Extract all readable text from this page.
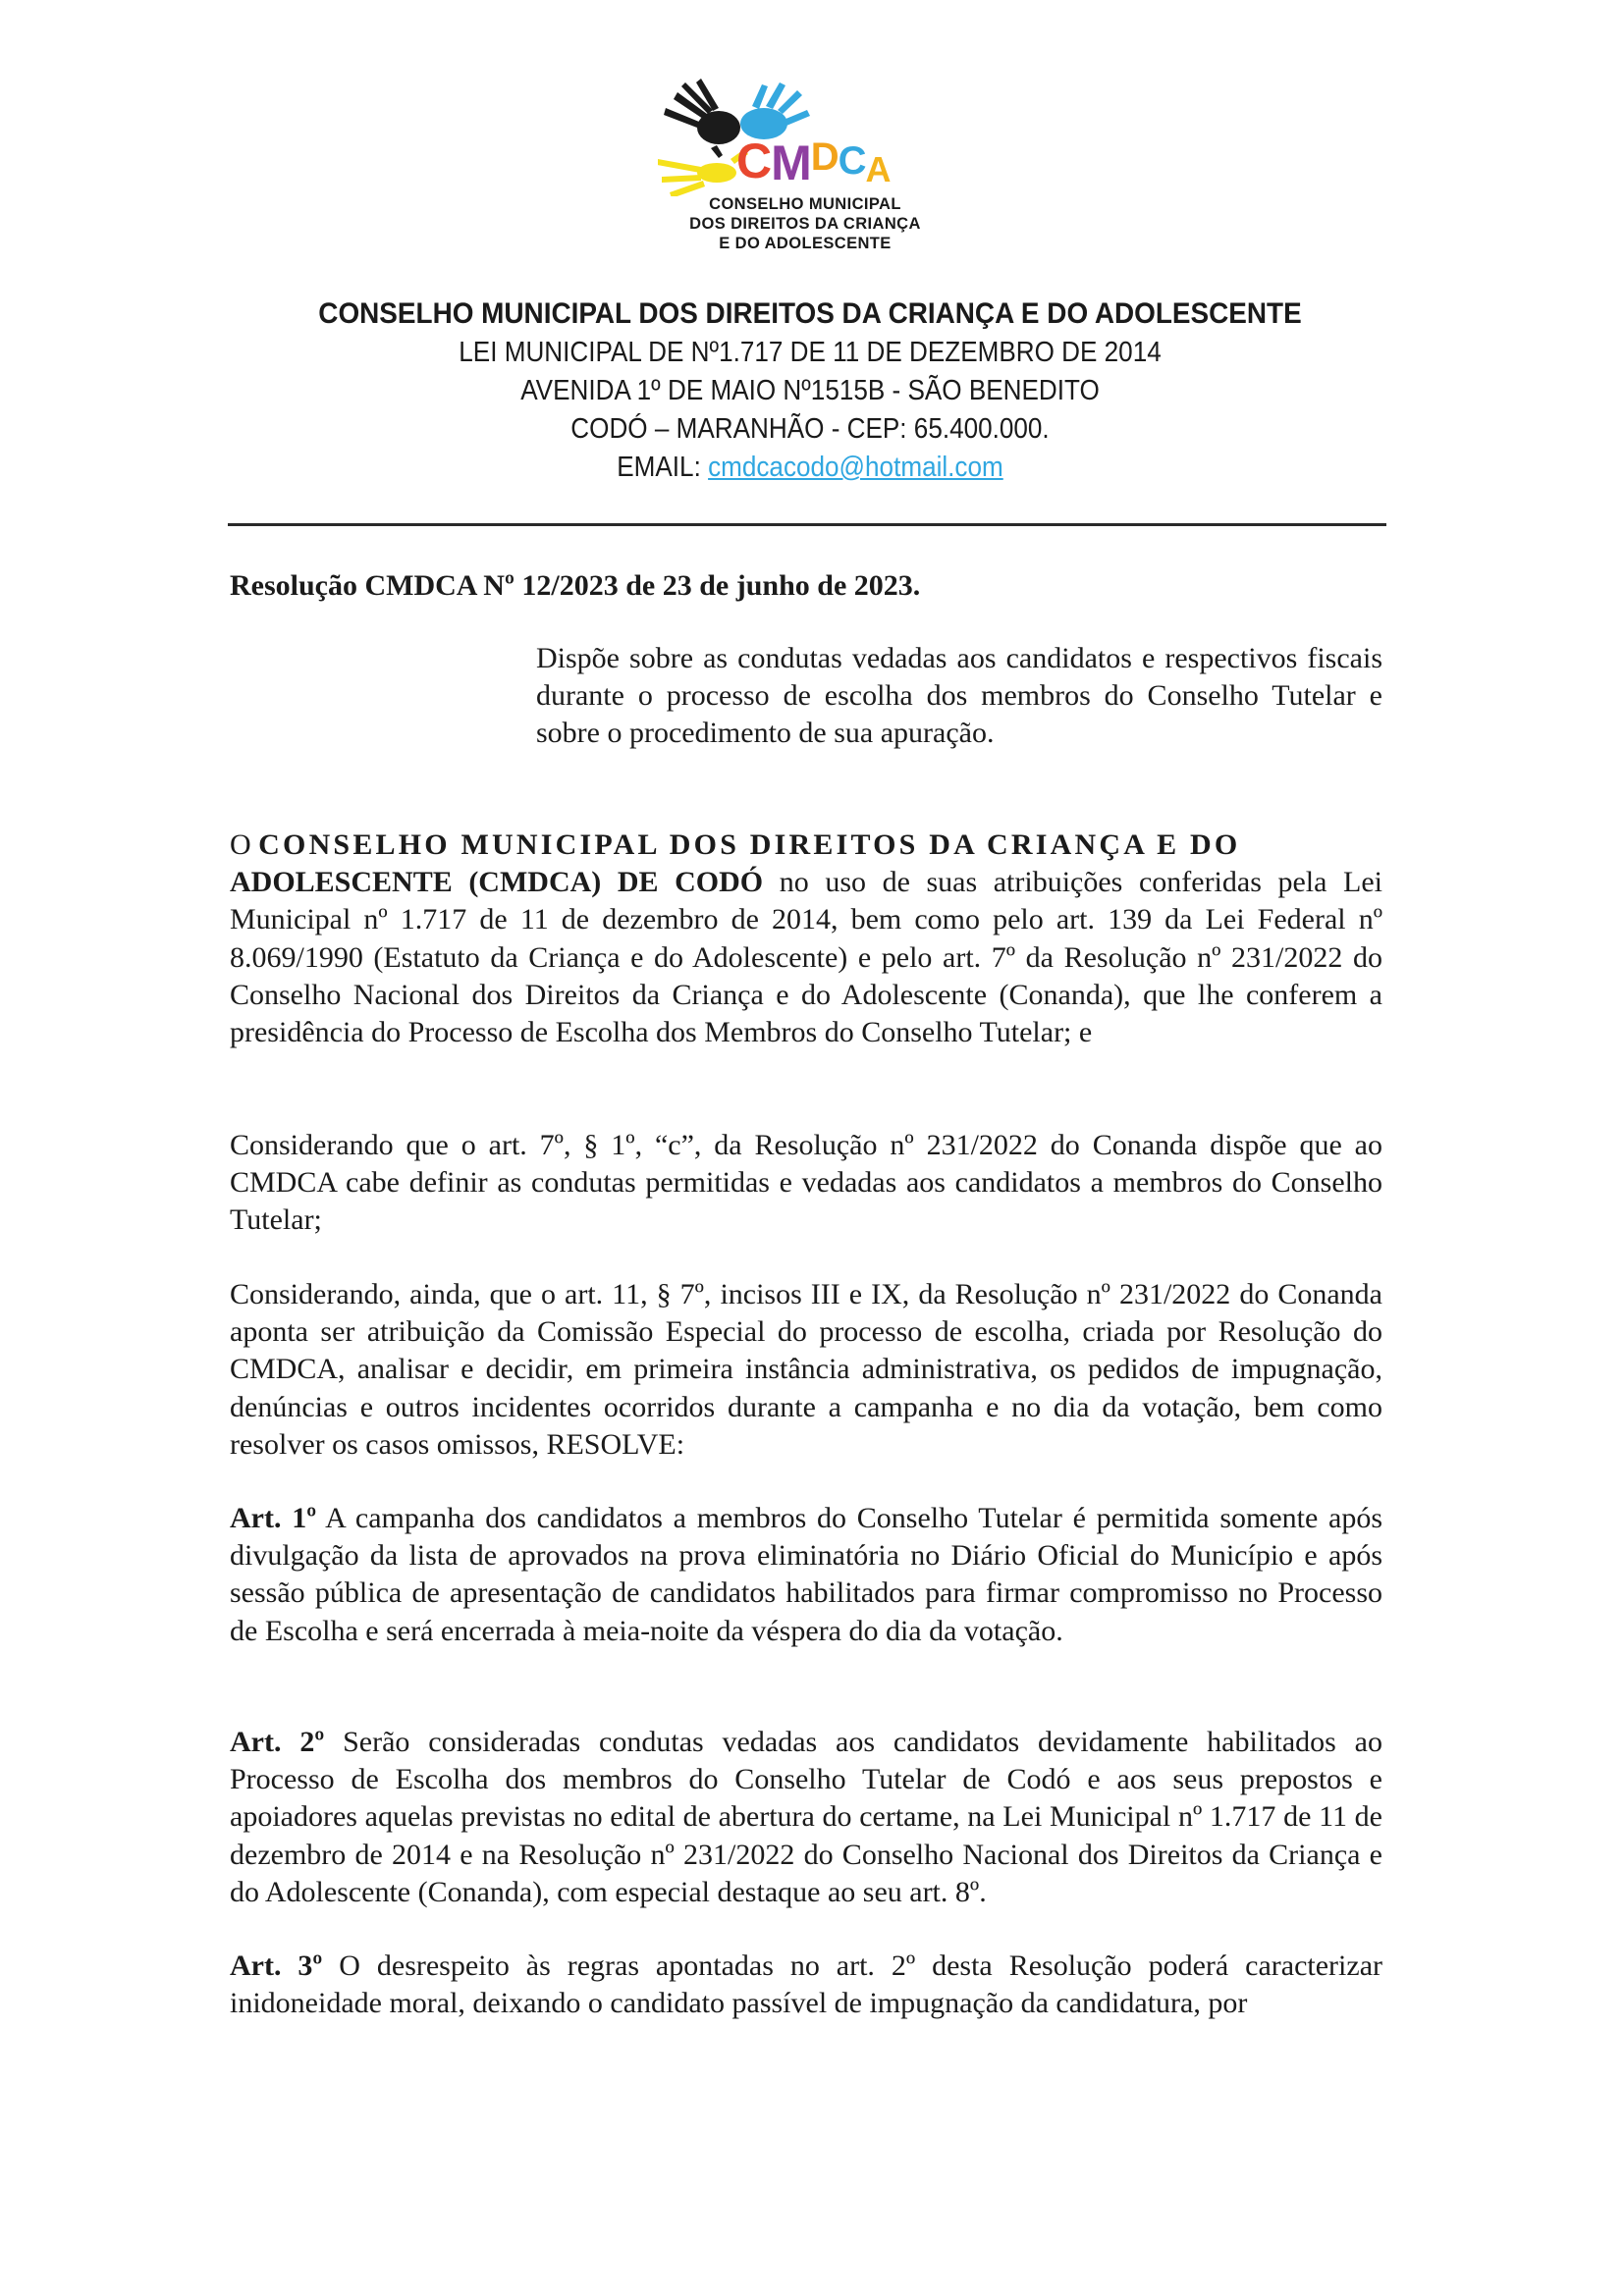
CMDCA
CONSELHO MUNICIPAL
DOS DIREITOS DA CRIANÇA
E DO ADOLESCENTE
CONSELHO MUNICIPAL DOS DIREITOS DA CRIANÇA E DO ADOLESCENTE
LEI MUNICIPAL DE Nº1.717 DE 11 DE DEZEMBRO DE 2014
AVENIDA 1º DE MAIO Nº1515B - SÃO BENEDITO
CODÓ – MARANHÃO - CEP: 65.400.000.
EMAIL: cmdcacodo@hotmail.com
Resolução CMDCA Nº 12/2023 de 23 de junho de 2023.
Dispõe sobre as condutas vedadas aos candidatos e respectivos fiscais durante o processo de escolha dos membros do Conselho Tutelar e sobre o procedimento de sua apuração.
O CONSELHO MUNICIPAL DOS DIREITOS DA CRIANÇA E DO
ADOLESCENTE (CMDCA) DE CODÓ no uso de suas atribuições conferidas pela Lei Municipal nº 1.717 de 11 de dezembro de 2014, bem como pelo art. 139 da Lei Federal nº 8.069/1990 (Estatuto da Criança e do Adolescente) e pelo art. 7º da Resolução nº 231/2022 do Conselho Nacional dos Direitos da Criança e do Adolescente (Conanda), que lhe conferem a presidência do Processo de Escolha dos Membros do Conselho Tutelar; e
Considerando que o art. 7º, § 1º, “c”, da Resolução nº 231/2022 do Conanda dispõe que ao CMDCA cabe definir as condutas permitidas e vedadas aos candidatos a membros do Conselho Tutelar;
Considerando, ainda, que o art. 11, § 7º, incisos III e IX, da Resolução nº 231/2022 do Conanda aponta ser atribuição da Comissão Especial do processo de escolha, criada por Resolução do CMDCA, analisar e decidir, em primeira instância administrativa, os pedidos de impugnação, denúncias e outros incidentes ocorridos durante a campanha e no dia da votação, bem como resolver os casos omissos, RESOLVE:
Art. 1º A campanha dos candidatos a membros do Conselho Tutelar é permitida somente após divulgação da lista de aprovados na prova eliminatória no Diário Oficial do Município e após sessão pública de apresentação de candidatos habilitados para firmar compromisso no Processo de Escolha e será encerrada à meia-noite da véspera do dia da votação.
Art. 2º Serão consideradas condutas vedadas aos candidatos devidamente habilitados ao Processo de Escolha dos membros do Conselho Tutelar de Codó e aos seus prepostos e apoiadores aquelas previstas no edital de abertura do certame, na Lei Municipal nº 1.717 de 11 de dezembro de 2014 e na Resolução nº 231/2022 do Conselho Nacional dos Direitos da Criança e do Adolescente (Conanda), com especial destaque ao seu art. 8º.
Art. 3º O desrespeito às regras apontadas no art. 2º desta Resolução poderá caracterizar inidoneidade moral, deixando o candidato passível de impugnação da candidatura, por
